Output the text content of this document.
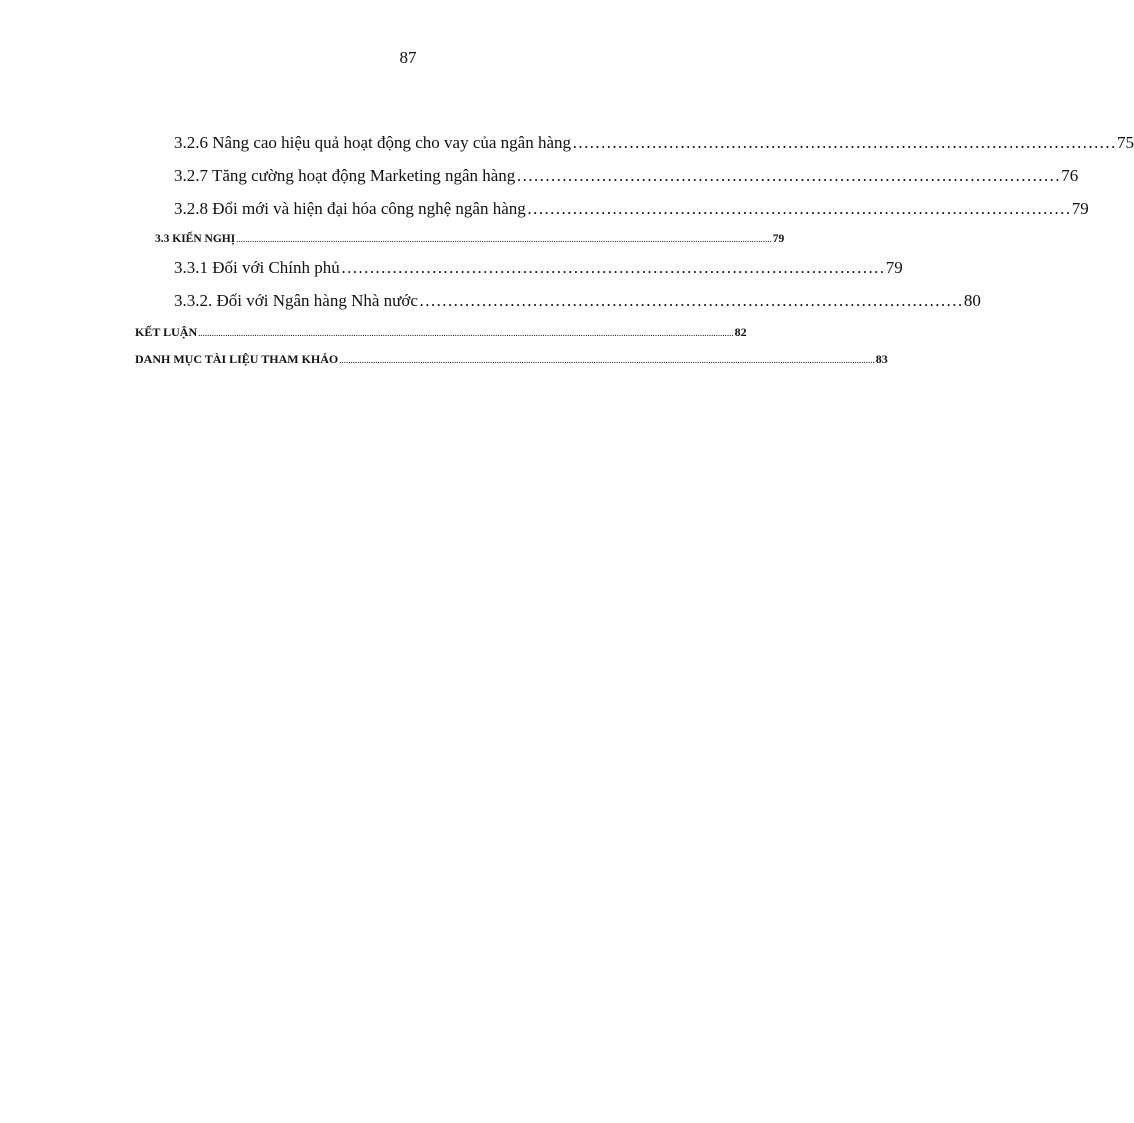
87
3.2.6 Nâng cao hiệu quả hoạt động cho vay của ngân hàng …………………………………………………………………………………… 75
3.2.7 Tăng cường hoạt động Marketing ngân hàng …………………………………………………………………………………… 76
3.2.8 Đổi mới và hiện đại hóa công nghệ ngân hàng …………………………………………………………………………………… 79
3.3 KIẾN NGHỊ .............................................................................................................................................................................................................................................. 79
3.3.1 Đối với Chính phủ …………………………………………………………………………………… 79
3.3.2. Đối với Ngân hàng Nhà nước …………………………………………………………………………………… 80
KẾT LUẬN .............................................................................................................................................................................................................................................. 82
DANH MỤC TÀI LIỆU THAM KHẢO .............................................................................................................................................................................................................................................. 83
